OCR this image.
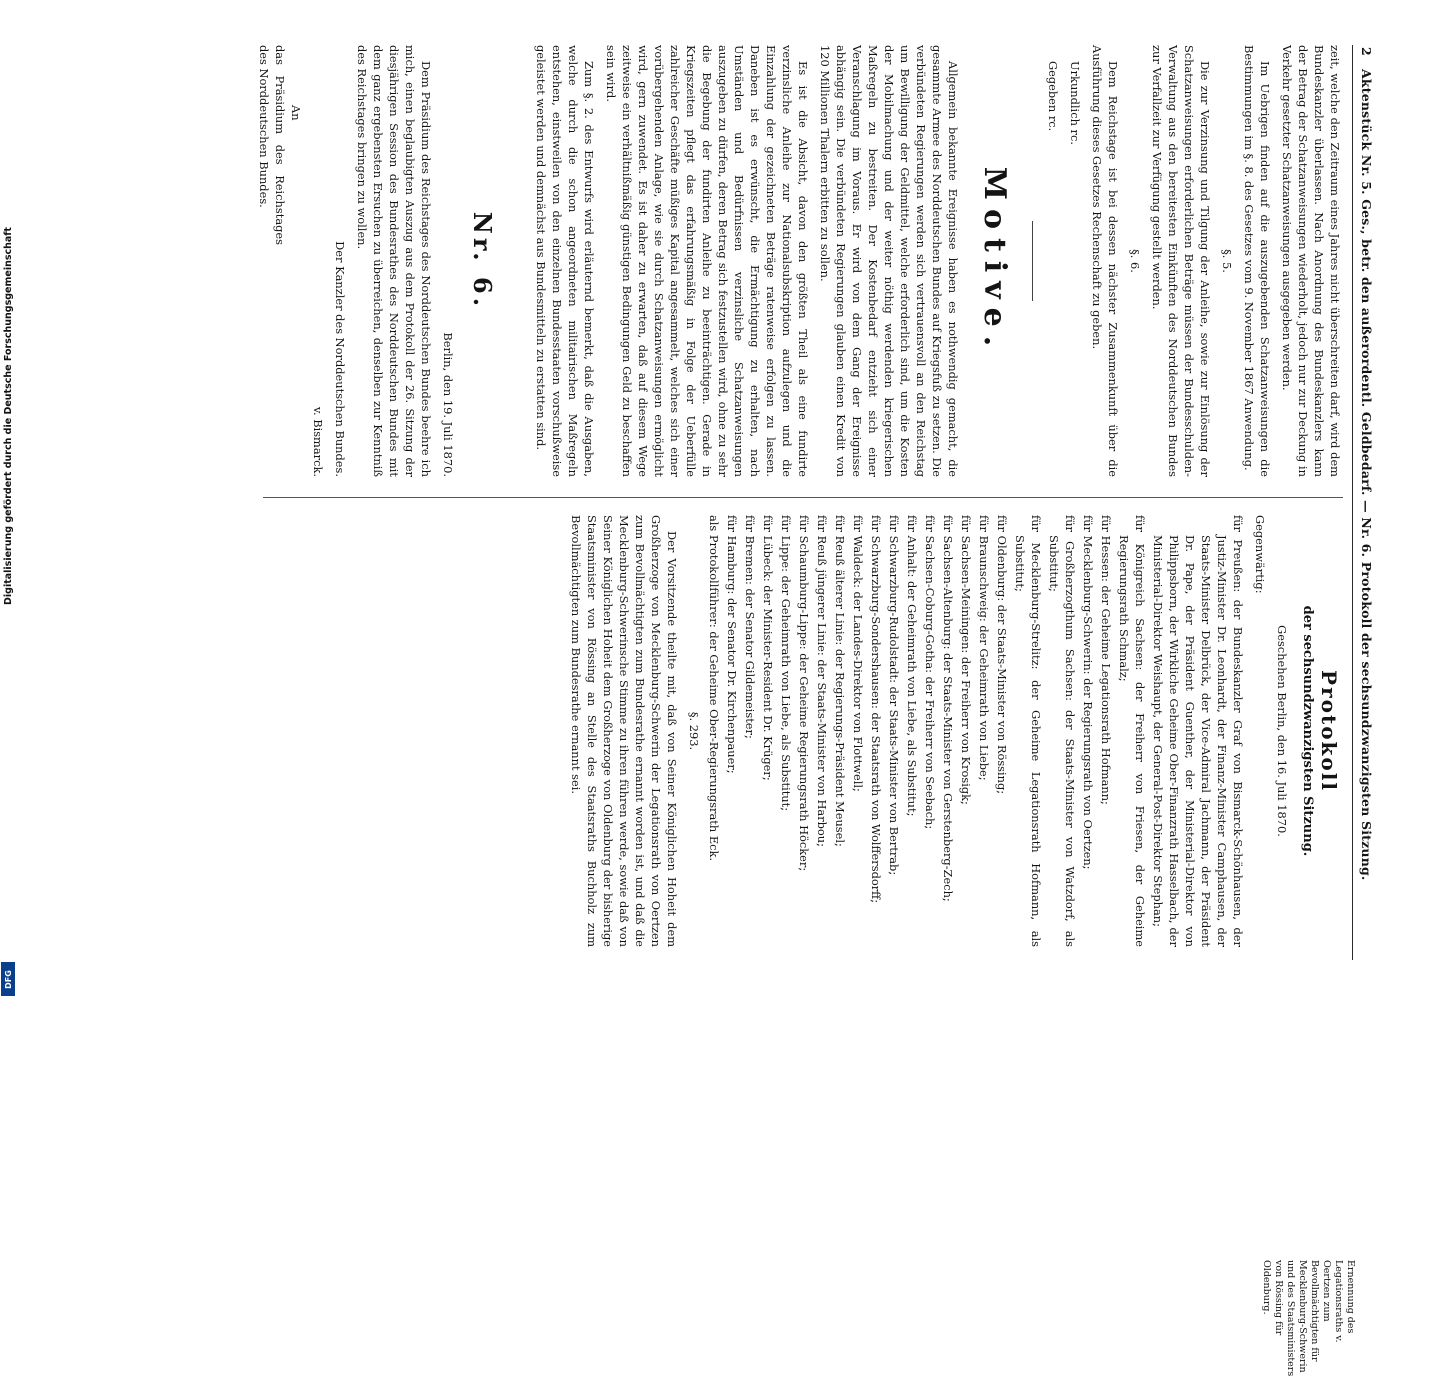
2
Aktenstück Nr. 5. Ges., betr. den außerordentl. Geldbedarf. — Nr. 6. Protokoll der sechsundzwanzigsten Sitzung.

zeit, welche den Zeitraum eines Jahres nicht überschreiten darf, wird dem Bundeskanzler überlassen. Nach Anordnung des Bundeskanzlers kann der Betrag der Schatzanweisungen wiederholt, jedoch nur zur Deckung in Verkehr gesetzter Schatzanweisungen ausgegeben werden.

Im Uebrigen finden auf die auszugebenden Schatzanweisungen die Bestimmungen im §. 8. des Gesetzes vom 9. November 1867 Anwendung.

§. 5.

Die zur Verzinsung und Tilgung der Anleihe, sowie zur Einlösung der Schatzanweisungen erforderlichen Beträge müssen der Bundesschulden-Verwaltung aus den bereitesten Einkünften des Norddeutschen Bundes zur Verfallzeit zur Verfügung gestellt werden.

§. 6.

Dem Reichstage ist bei dessen nächster Zusammenkunft über die Ausführung dieses Gesetzes Rechenschaft zu geben.

Urkundlich rc.

Gegeben rc.

Motive.

Allgemein bekannte Ereignisse haben es nothwendig gemacht, die gesammte Armee des Norddeutschen Bundes auf Kriegsfuß zu setzen. Die verbündeten Regierungen werden sich vertrauensvoll an den Reichstag um Bewilligung der Geldmittel, welche erforderlich sind, um die Kosten der Mobilmachung und der weiter nöthig werdenden kriegerischen Maßregeln zu bestreiten. Der Kostenbedarf entzieht sich einer Veranschlagung im Voraus. Er wird von dem Gang der Ereignisse abhängig sein. Die verbündeten Regierungen glauben einen Kredit von 120 Millionen Thalern erbitten zu sollen.

Es ist die Absicht, davon den größten Theil als eine fundirte verzinsliche Anleihe zur Nationalsubskription aufzulegen und die Einzahlung der gezeichneten Beträge ratenweise erfolgen zu lassen. Daneben ist es erwünscht, die Ermächtigung zu erhalten, nach Umständen und Bedürfnissen verzinsliche Schatzanweisungen auszugeben zu dürfen, deren Betrag sich festzustellen wird, ohne zu sehr die Begebung der fundirten Anleihe zu beeinträchtigen. Gerade in Kriegszeiten pflegt das erfahrungsmäßig in Folge der Ueberfülle zahlreicher Geschäfte müßiges Kapital angesammelt, welches sich einer vorübergehenden Anlage, wie sie durch Schatzanweisungen ermöglicht wird, gern zuwendet. Es ist daher zu erwarten, daß auf diesem Wege zeitweise ein verhältnißmäßig günstigen Bedingungen Geld zu beschaffen sein wird.

Zum §. 2. des Entwurfs wird erläuternd bemerkt, daß die Ausgaben, welche durch die schon angeordneten militairischen Maßregeln entstehen, einstweilen von den einzelnen Bundesstaaten vorschußweise geleistet werden und demnächst aus Bundesmitteln zu erstatten sind.

Nr. 6.
Berlin, den 19. Juli 1870.

Dem Präsidium des Reichstages des Norddeutschen Bundes beehre ich mich, einen beglaubigten Auszug aus dem Protokoll der 26. Sitzung der diesjährigen Session des Bundesrathes des Norddeutschen Bundes mit dem ganz ergebensten Ersuchen zu überreichen, denselben zur Kenntniß des Reichstages bringen zu wollen.

Der Kanzler des Norddeutschen Bundes.
v. Bismarck.
An
das Präsidium des Reichstages des Norddeutschen Bundes.
Protokoll
der sechsundzwanzigsten Sitzung.
Geschehen Berlin, den 16. Juli 1870.
Gegenwärtig:
für Preußen: der Bundeskanzler Graf von Bismarck-Schönhausen, der Justiz-Minister Dr. Leonhardt, der Finanz-Minister Camphausen, der Staats-Minister Delbrück, der Vice-Admiral Jachmann, der Präsident Dr. Pape, der Präsident Guenther, der Ministerial-Direktor von Philippsborn, der Wirkliche Geheime Ober-Finanzrath Hasselbach, der Ministerial-Direktor Weishaupt, der General-Post-Direktor Stephan;
für Königreich Sachsen: der Freiherr von Friesen, der Geheime Regierungsrath Schmalz;
für Hessen: der Geheime Legationsrath Hofmann;
für Mecklenburg-Schwerin: der Regierungsrath von Oertzen;
für Großherzogthum Sachsen: der Staats-Minister von Watzdorf, als Substitut;
für Mecklenburg-Strelitz: der Geheime Legationsrath Hofmann, als Substitut;
für Oldenburg: der Staats-Minister von Rössing;
für Braunschweig: der Geheimrath von Liebe;
für Sachsen-Meiningen: der Freiherr von Krosigk;
für Sachsen-Altenburg: der Staats-Minister von Gerstenberg-Zech;
für Sachsen-Coburg-Gotha: der Freiherr von Seebach;
für Anhalt: der Geheimrath von Liebe, als Substitut;
für Schwarzburg-Rudolstadt: der Staats-Minister von Bertrab;
für Schwarzburg-Sondershausen: der Staatsrath von Wolffersdorff;
für Waldeck: der Landes-Direktor von Flottwell;
für Reuß älterer Linie: der Regierungs-Präsident Meusel;
für Reuß jüngerer Linie: der Staats-Minister von Harbou;
für Schaumburg-Lippe: der Geheime Regierungsrath Höcker;
für Lippe: der Geheimrath von Liebe, als Substitut;
für Lübeck: der Minister-Resident Dr. Krüger;
für Bremen: der Senator Gildemeister;
für Hamburg: der Senator Dr. Kirchenpauer;
als Protokollführer: der Geheime Ober-Regierungsrath Eck.
§. 293.

Der Vorsitzende theilte mit, daß von Seiner Königlichen Hoheit dem Großherzoge von Mecklenburg-Schwerin der Legationsrath von Oertzen zum Bevollmächtigten zum Bundesrathe ernannt worden ist, und daß die Mecklenburg-Schwerinsche Stimme zu ihren führen werde, sowie daß von Seiner Königlichen Hoheit dem Großherzoge von Oldenburg der bisherige Staatsminister von Rössing an Stelle des Staatsraths Buchholz zum Bevollmächtigten zum Bundesrathe ernannt sei.

Ernennung des Legationsraths v. Oertzen zum Bevollmächtigten für Mecklenburg-Schwerin und des Staatsministers von Rössing für Oldenburg.
Digitalisierung gefördert durch die Deutsche Forschungsgemeinschaft
DFG
